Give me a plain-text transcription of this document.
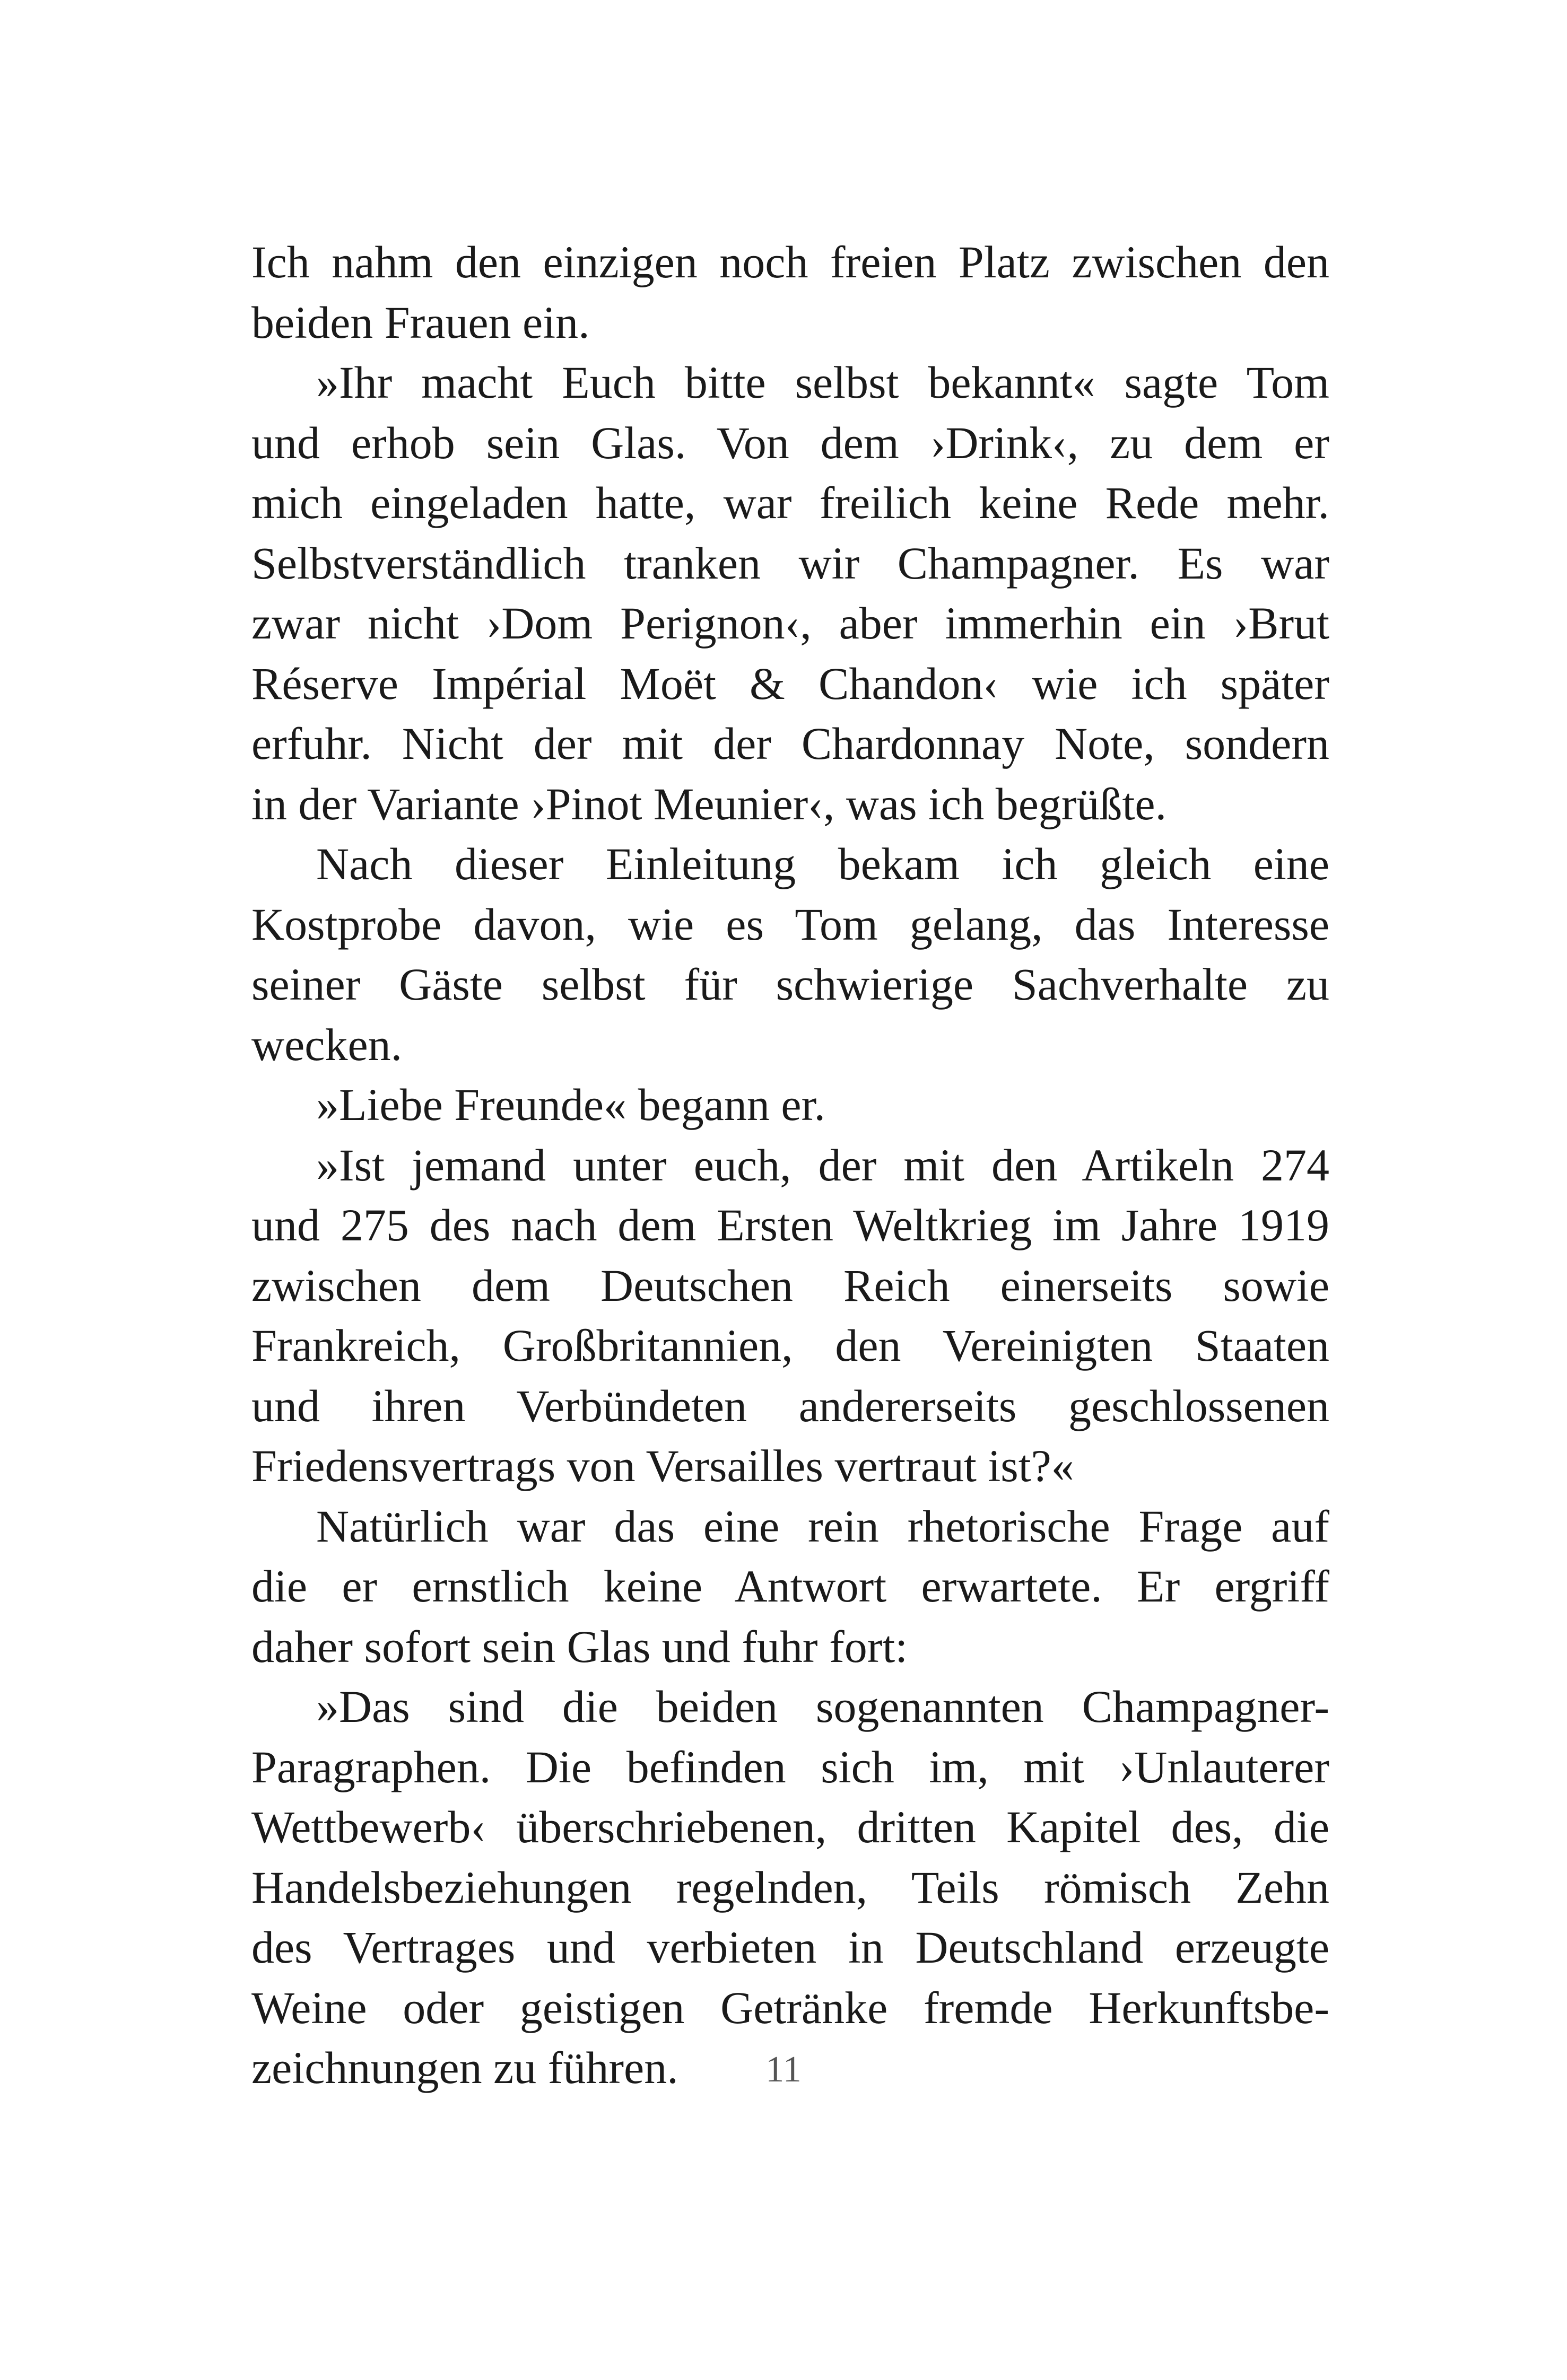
Ich nahm den einzigen noch freien Platz zwischen den
beiden Frauen ein.

»Ihr macht Euch bitte selbst bekannt« sagte Tom
und erhob sein Glas. Von dem ›Drink‹, zu dem er
mich eingeladen hatte, war freilich keine Rede mehr.
Selbstverständlich tranken wir Champagner. Es war
zwar nicht ›Dom Perignon‹, aber immerhin ein ›Brut
Réserve Impérial Moët & Chandon‹ wie ich später
erfuhr. Nicht der mit der Chardonnay Note, sondern
in der Variante ›Pinot Meunier‹, was ich begrüßte.

Nach dieser Einleitung bekam ich gleich eine
Kostprobe davon, wie es Tom gelang, das Interesse
seiner Gäste selbst für schwierige Sachverhalte zu
wecken.

»Liebe Freunde« begann er.

»Ist jemand unter euch, der mit den Artikeln 274
und 275 des nach dem Ersten Weltkrieg im Jahre 1919
zwischen dem Deutschen Reich einerseits sowie
Frankreich, Großbritannien, den Vereinigten Staaten
und ihren Verbündeten andererseits geschlossenen
Friedensvertrags von Versailles vertraut ist?«

Natürlich war das eine rein rhetorische Frage auf
die er ernstlich keine Antwort erwartete. Er ergriff
daher sofort sein Glas und fuhr fort:

»Das sind die beiden sogenannten Champagner-
Paragraphen. Die befinden sich im, mit ›Unlauterer
Wettbewerb‹ überschriebenen, dritten Kapitel des, die
Handelsbeziehungen regelnden, Teils römisch Zehn
des Vertrages und verbieten in Deutschland erzeugte
Weine oder geistigen Getränke fremde Herkunftsbe-
zeichnungen zu führen.	11
